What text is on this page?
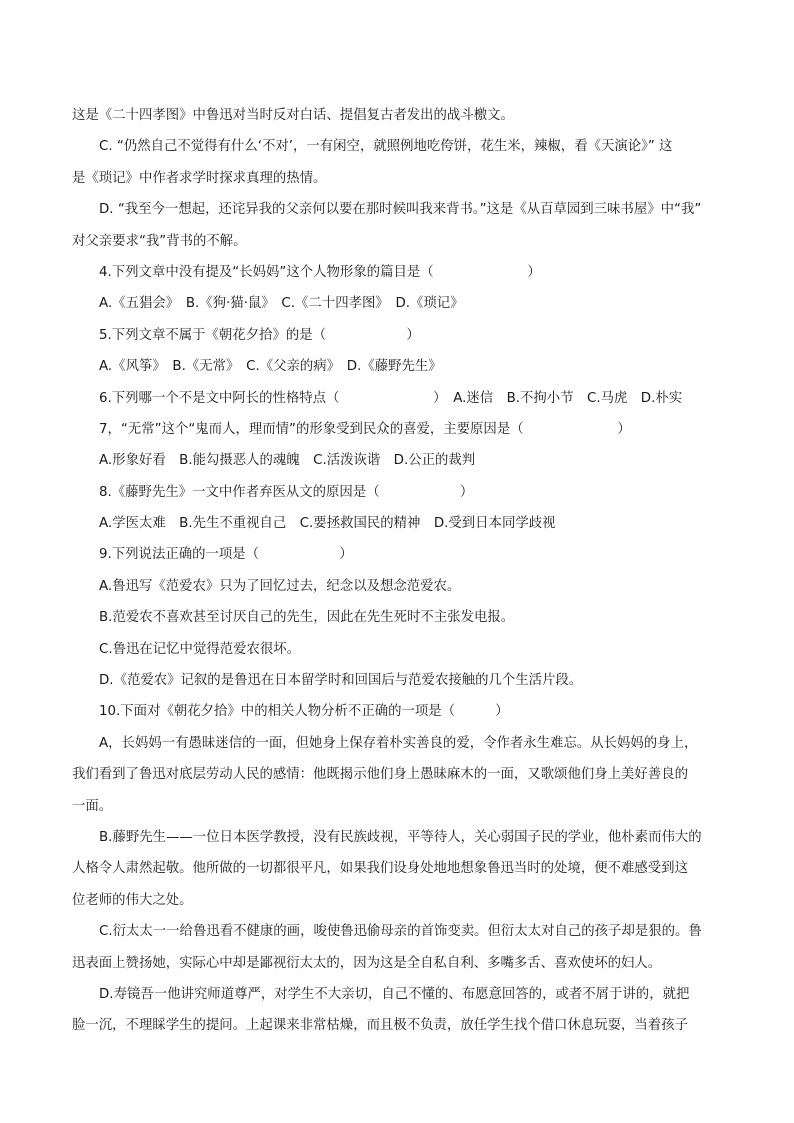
这是《二十四孝图》中鲁迅对当时反对白话、提倡复古者发出的战斗檄文。
C. “仍然自己不觉得有什么‘不对’，一有闲空，就照例地吃侉饼，花生米，辣椒，看《天演论》” 这
是《琐记》中作者求学时探求真理的热情。
D. “我至今一想起，还诧异我的父亲何以要在那时候叫我来背书。”这是《从百草园到三味书屋》中“我”
对父亲要求“我”背书的不解。
4.下列文章中没有提及“长妈妈”这个人物形象的篇目是（　　　　　　　）
A.《五猖会》　B.《狗·猫·鼠》　C.《二十四孝图》　D.《琐记》
5.下列文章不属于《朝花夕拾》的是（　　　　　　）
A.《风筝》　B.《无常》　C.《父亲的病》　D.《藤野先生》
6.下列哪一个不是文中阿长的性格特点（　　　　　　　）　A.迷信　B.不拘小节　C.马虎　D.朴实
7，“无常”这个“鬼而人，理而情”的形象受到民众的喜爱，主要原因是（　　　　　　　）
A.形象好看　B.能勾摄恶人的魂魄　C.活泼诙谐　D.公正的裁判
8.《藤野先生》一文中作者弃医从文的原因是（　　　　　　）
A.学医太难　B.先生不重视自己　C.要拯救国民的精神　D.受到日本同学歧视
9.下列说法正确的一项是（　　　　　　）
A.鲁迅写《范爱农》只为了回忆过去，纪念以及想念范爱农。
B.范爱农不喜欢甚至讨厌自己的先生，因此在先生死时不主张发电报。
C.鲁迅在记忆中觉得范爱农很坏。
D.《范爱农》记叙的是鲁迅在日本留学时和回国后与范爱农接触的几个生活片段。
10.下面对《朝花夕拾》中的相关人物分析不正确的一项是（　　　）
A，长妈妈一有愚昧迷信的一面，但她身上保存着朴实善良的爱，令作者永生难忘。从长妈妈的身上，
我们看到了鲁迅对底层劳动人民的感情：他既揭示他们身上愚昧麻木的一面，又歌颂他们身上美好善良的
一面。
B.藤野先生——一位日本医学教授，没有民族歧视，平等待人，关心弱国子民的学业，他朴素而伟大的
人格令人肃然起敬。他所做的一切都很平凡，如果我们设身处地地想象鲁迅当时的处境，便不难感受到这
位老师的伟大之处。
C.衍太太一一给鲁迅看不健康的画，唆使鲁迅偷母亲的首饰变卖。但衍太太对自己的孩子却是狠的。鲁
迅表面上赞扬她，实际心中却是鄙视衍太太的，因为这是全自私自利、多嘴多舌、喜欢使坏的妇人。
D.寿镜吾一他讲究师道尊严，对学生不大亲切，自己不懂的、布愿意回答的，或者不屑于讲的，就把
脸一沉，不理睬学生的提问。上起课来非常枯燥，而且极不负责，放任学生找个借口休息玩耍，当着孩子
